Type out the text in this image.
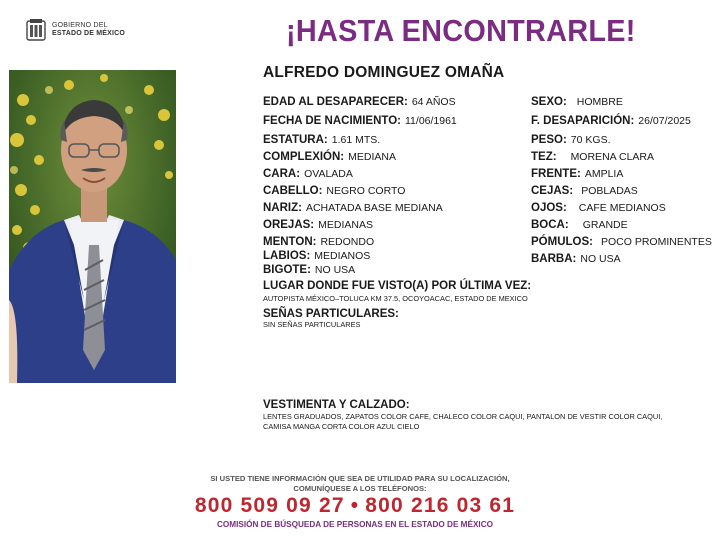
GOBIERNO DEL
ESTADO DE MÉXICO	¡HASTA ENCONTRARLE!
ALFREDO DOMINGUEZ OMAÑA
EDAD AL DESAPARECER: 64 AÑOS
FECHA DE NACIMIENTO: 11/06/1961
ESTATURA: 1.61 MTS.
COMPLEXIÓN: MEDIANA
CARA: OVALADA
CABELLO: NEGRO CORTO
NARIZ: ACHATADA BASE MEDIANA
OREJAS: MEDIANAS
MENTON: REDONDO
LABIOS: MEDIANOS
BIGOTE: NO USA
SEXO: HOMBRE
F. DESAPARICIÓN: 26/07/2025
PESO: 70 KGS.
TEZ: MORENA CLARA
FRENTE: AMPLIA
CEJAS: POBLADAS
OJOS: CAFE MEDIANOS
BOCA: GRANDE
PÓMULOS: POCO PROMINENTES
BARBA: NO USA
LUGAR DONDE FUE VISTO(A) POR ÚLTIMA VEZ:
AUTOPISTA MÉXICO–TOLUCA KM 37.5, OCOYOACAC, ESTADO DE MEXICO
SEÑAS PARTICULARES:
SIN SEÑAS PARTICULARES
VESTIMENTA Y CALZADO:
LENTES GRADUADOS, ZAPATOS COLOR CAFE, CHALECO COLOR CAQUI, PANTALON DE VESTIR COLOR CAQUI,
CAMISA MANGA CORTA COLOR AZUL CIELO
SI USTED TIENE INFORMACIÓN QUE SEA DE UTILIDAD PARA SU LOCALIZACIÓN,
COMUNÍQUESE A LOS TELÉFONOS:
800 509 09 27 • 800 216 03 61
COMISIÓN DE BÚSQUEDA DE PERSONAS EN EL ESTADO DE MÉXICO
